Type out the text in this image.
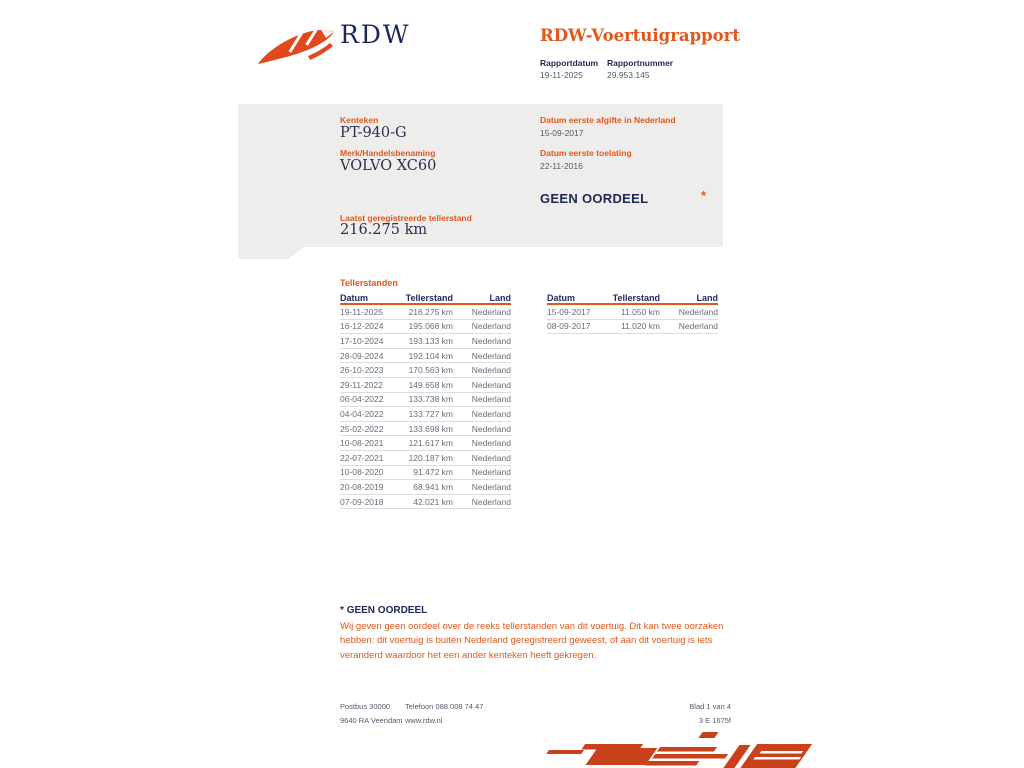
RDW	RDW-Voertuigrapport
Rapportdatum Rapportnummer
19-11-2025	29.953.145
Kenteken
PT-940-G
Merk/Handelsbenaming
VOLVO XC60
Laatst geregistreerde tellerstand
216.275 km
Datum eerste afgifte in Nederland
15-09-2017
Datum eerste toelating
22-11-2016
GEEN OORDEEL	*
Tellerstanden
Datum	Tellerstand	Land
19-11-2025	216.275 km	Nederland
16-12-2024	195.068 km	Nederland
17-10-2024	193.133 km	Nederland
28-09-2024	192.104 km	Nederland
26-10-2023	170.563 km	Nederland
29-11-2022	149.658 km	Nederland
06-04-2022	133.738 km	Nederland
04-04-2022	133.727 km	Nederland
25-02-2022	133.698 km	Nederland
10-08-2021	121.617 km	Nederland
22-07-2021	120.187 km	Nederland
10-08-2020	91.472 km	Nederland
20-08-2019	68.941 km	Nederland
07-09-2018	42.021 km	Nederland
Datum	Tellerstand	Land
15-09-2017	11.050 km	Nederland
08-09-2017	11.020 km	Nederland
* GEEN OORDEEL
Wij geven geen oordeel over de reeks tellerstanden van dit voertuig. Dit kan twee oorzaken hebben: dit voertuig is buiten Nederland geregistreerd geweest, of aan dit voertuig is iets veranderd waardoor het een ander kenteken heeft gekregen.
Postbus 30000
9640 RA Veendam
Telefoon 088 008 74 47
www.rdw.nl
Blad 1 van 4
3 E 1675f
